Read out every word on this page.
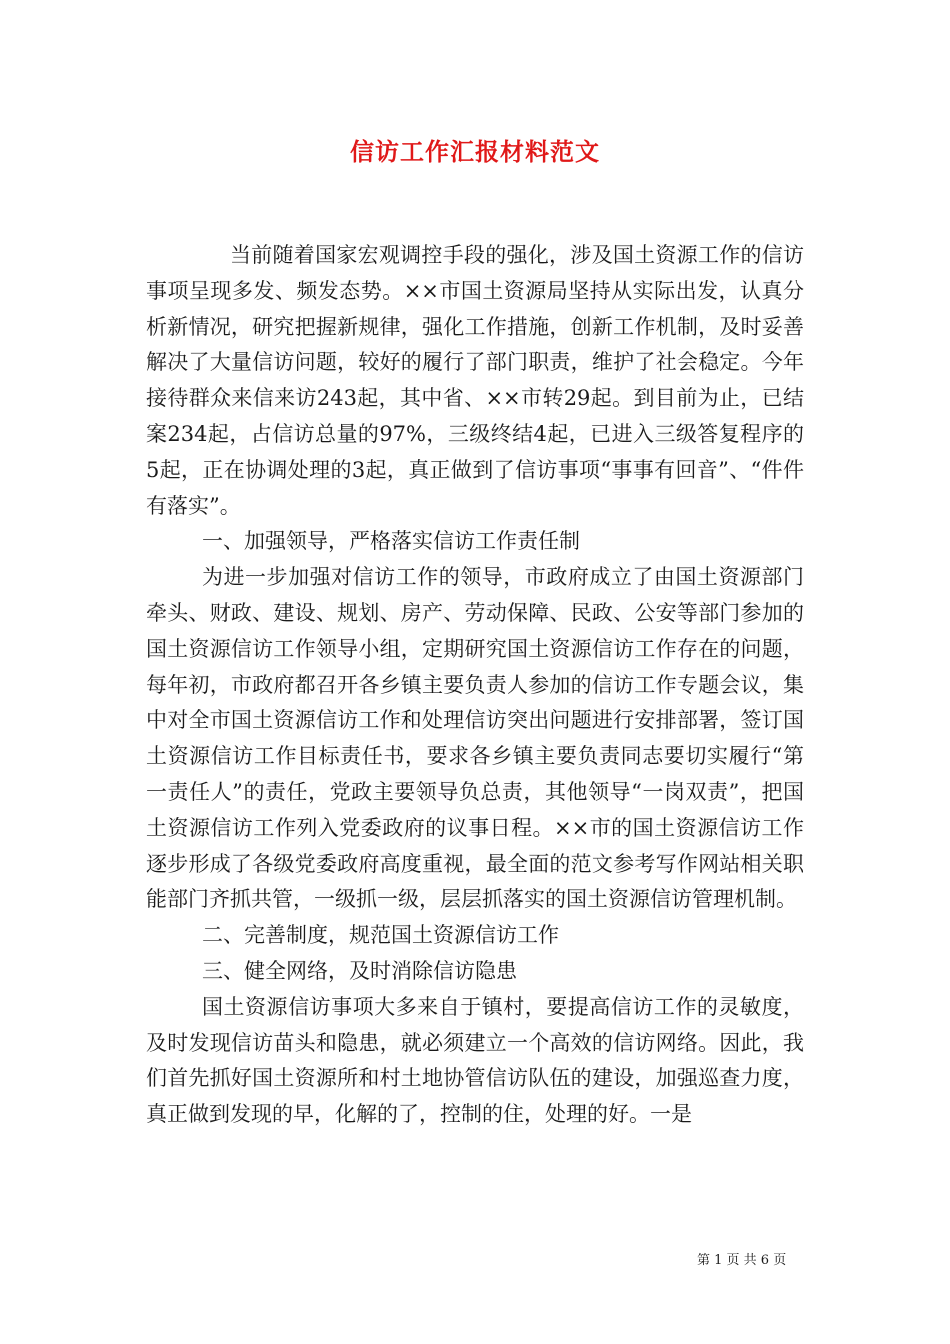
信访工作汇报材料范文

当前随着国家宏观调控手段的强化，涉及国土资源工作的信访事项呈现多发、频发态势。××市国土资源局坚持从实际出发，认真分析新情况，研究把握新规律，强化工作措施，创新工作机制，及时妥善解决了大量信访问题，较好的履行了部门职责，维护了社会稳定。今年接待群众来信来访243起，其中省、××市转29起。到目前为止，已结案234起，占信访总量的97%，三级终结4起，已进入三级答复程序的5起，正在协调处理的3起，真正做到了信访事项“事事有回音”、“件件有落实”。

一、加强领导，严格落实信访工作责任制

为进一步加强对信访工作的领导，市政府成立了由国土资源部门牵头、财政、建设、规划、房产、劳动保障、民政、公安等部门参加的国土资源信访工作领导小组，定期研究国土资源信访工作存在的问题，每年初，市政府都召开各乡镇主要负责人参加的信访工作专题会议，集中对全市国土资源信访工作和处理信访突出问题进行安排部署，签订国土资源信访工作目标责任书，要求各乡镇主要负责同志要切实履行“第一责任人”的责任，党政主要领导负总责，其他领导“一岗双责”，把国土资源信访工作列入党委政府的议事日程。××市的国土资源信访工作逐步形成了各级党委政府高度重视，最全面的范文参考写作网站相关职能部门齐抓共管，一级抓一级，层层抓落实的国土资源信访管理机制。

二、完善制度，规范国土资源信访工作

三、健全网络，及时消除信访隐患

国土资源信访事项大多来自于镇村，要提高信访工作的灵敏度，及时发现信访苗头和隐患，就必须建立一个高效的信访网络。因此，我们首先抓好国土资源所和村土地协管信访队伍的建设，加强巡查力度，真正做到发现的早，化解的了，控制的住，处理的好。一是

第 1 页 共 6 页
